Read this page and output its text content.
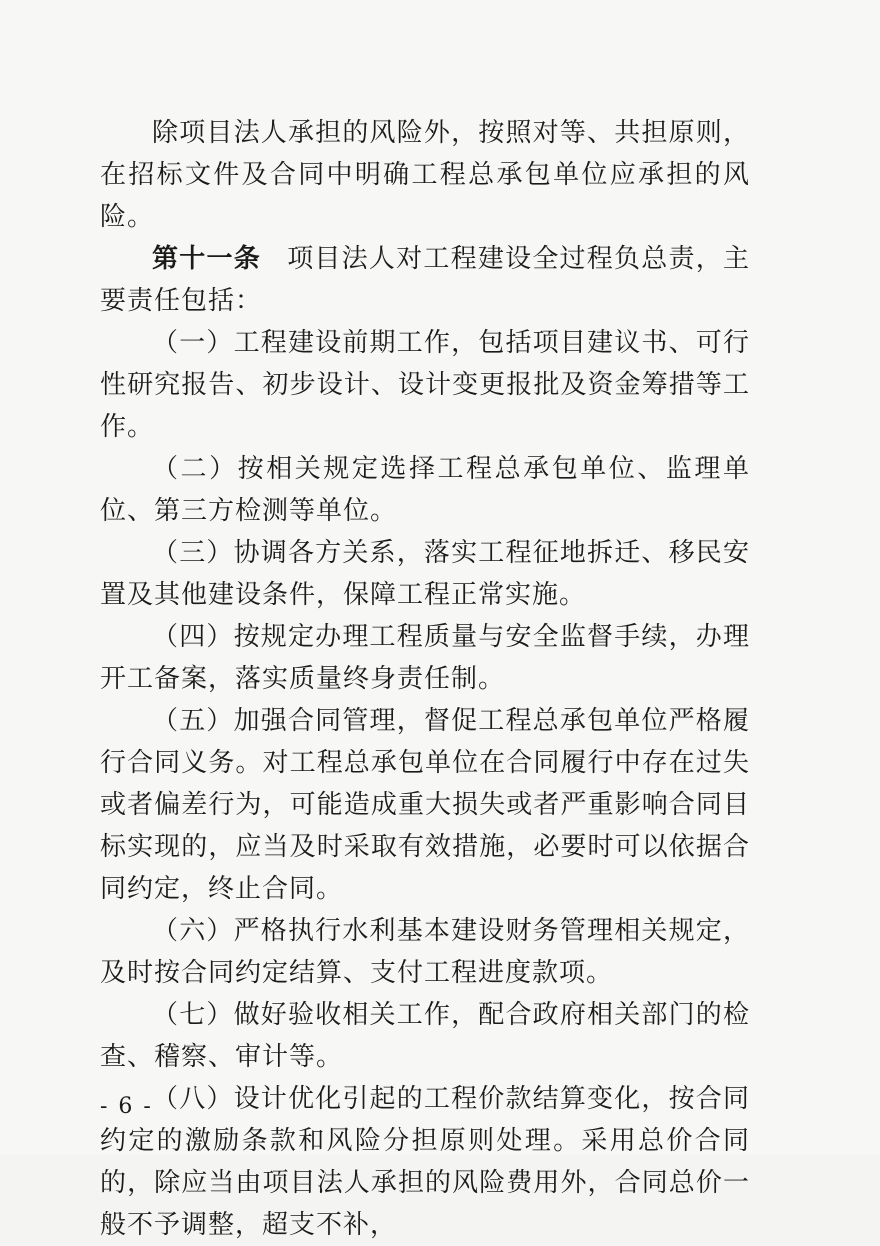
除项目法人承担的风险外，按照对等、共担原则，在招标文件及合同中明确工程总承包单位应承担的风险。

第十一条 项目法人对工程建设全过程负总责，主要责任包括：

（一）工程建设前期工作，包括项目建议书、可行性研究报告、初步设计、设计变更报批及资金筹措等工作。

（二）按相关规定选择工程总承包单位、监理单位、第三方检测等单位。

（三）协调各方关系，落实工程征地拆迁、移民安置及其他建设条件，保障工程正常实施。

（四）按规定办理工程质量与安全监督手续，办理开工备案，落实质量终身责任制。

（五）加强合同管理，督促工程总承包单位严格履行合同义务。对工程总承包单位在合同履行中存在过失或者偏差行为，可能造成重大损失或者严重影响合同目标实现的，应当及时采取有效措施，必要时可以依据合同约定，终止合同。

（六）严格执行水利基本建设财务管理相关规定，及时按合同约定结算、支付工程进度款项。

（七）做好验收相关工作，配合政府相关部门的检查、稽察、审计等。

（八）设计优化引起的工程价款结算变化，按合同约定的激励条款和风险分担原则处理。采用总价合同的，除应当由项目法人承担的风险费用外，合同总价一般不予调整，超支不补，

- 6 -
